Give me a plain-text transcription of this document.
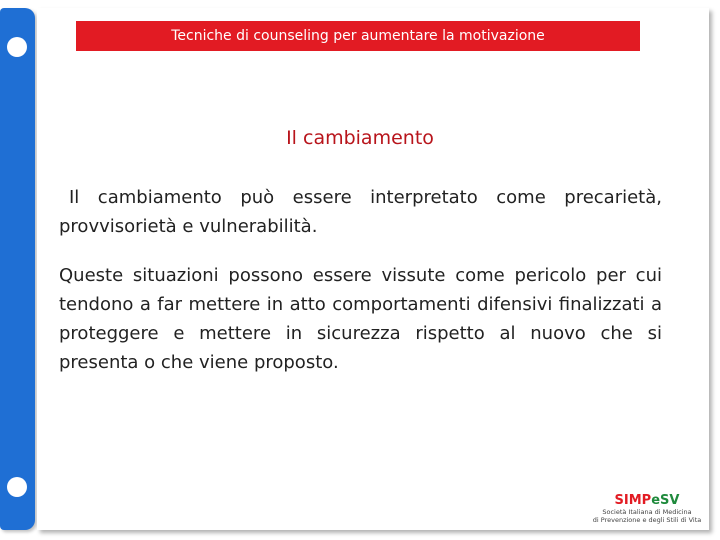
Tecniche di counseling per aumentare la motivazione
Il cambiamento

Il cambiamento può essere interpretato come precarietà, provvisorietà e vulnerabilità.

Queste situazioni possono essere vissute come pericolo per cui tendono a far mettere in atto comportamenti difensivi finalizzati a proteggere e mettere in sicurezza rispetto al nuovo che si presenta o che viene proposto.

SIMPeSV
Società Italiana di Medicina
di Prevenzione e degli Stili di Vita
